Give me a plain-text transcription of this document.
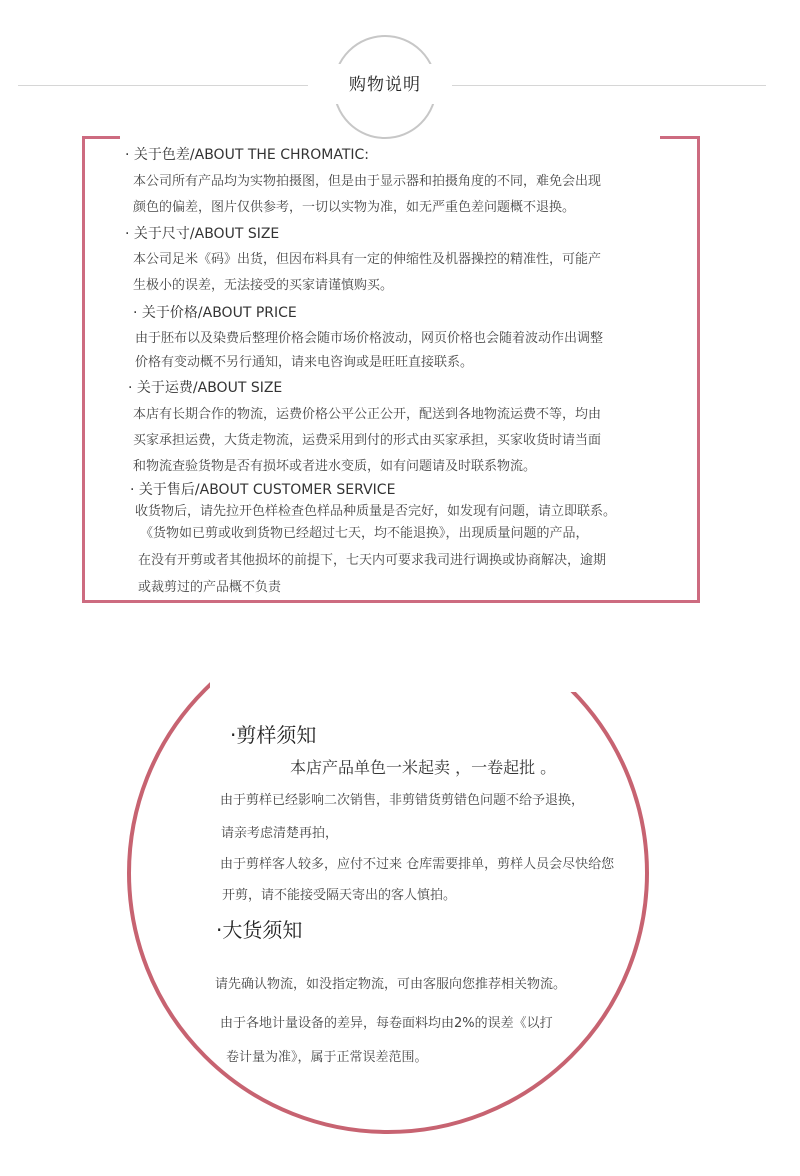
购物说明
· 关于色差/ABOUT THE CHROMATIC:
本公司所有产品均为实物拍摄图，但是由于显示器和拍摄角度的不同，难免会出现
颜色的偏差，图片仅供参考，一切以实物为准，如无严重色差问题概不退换。
· 关于尺寸/ABOUT SIZE
本公司足米《码》出货，但因布料具有一定的伸缩性及机器操控的精准性，可能产
生极小的误差，无法接受的买家请谨慎购买。
· 关于价格/ABOUT PRICE
由于胚布以及染费后整理价格会随市场价格波动，网页价格也会随着波动作出调整
价格有变动概不另行通知，请来电咨询或是旺旺直接联系。
· 关于运费/ABOUT SIZE
本店有长期合作的物流，运费价格公平公正公开，配送到各地物流运费不等，均由
买家承担运费，大货走物流，运费采用到付的形式由买家承担，买家收货时请当面
和物流查验货物是否有损坏或者进水变质，如有问题请及时联系物流。
· 关于售后/ABOUT CUSTOMER SERVICE
收货物后，请先拉开色样检查色样品种质量是否完好，如发现有问题，请立即联系。
《货物如已剪或收到货物已经超过七天，均不能退换》，出现质量问题的产品，
在没有开剪或者其他损坏的前提下，七天内可要求我司进行调换或协商解决，逾期
或裁剪过的产品概不负责
·剪样须知
本店产品单色一米起卖 ，一卷起批 。
由于剪样已经影响二次销售，非剪错货剪错色问题不给予退换，
请亲考虑清楚再拍，
由于剪样客人较多，应付不过来 仓库需要排单，剪样人员会尽快给您
开剪，请不能接受隔天寄出的客人慎拍。
·大货须知
请先确认物流，如没指定物流，可由客服向您推荐相关物流。
由于各地计量设备的差异，每卷面料均由2%的误差《以打
卷计量为准》，属于正常误差范围。
